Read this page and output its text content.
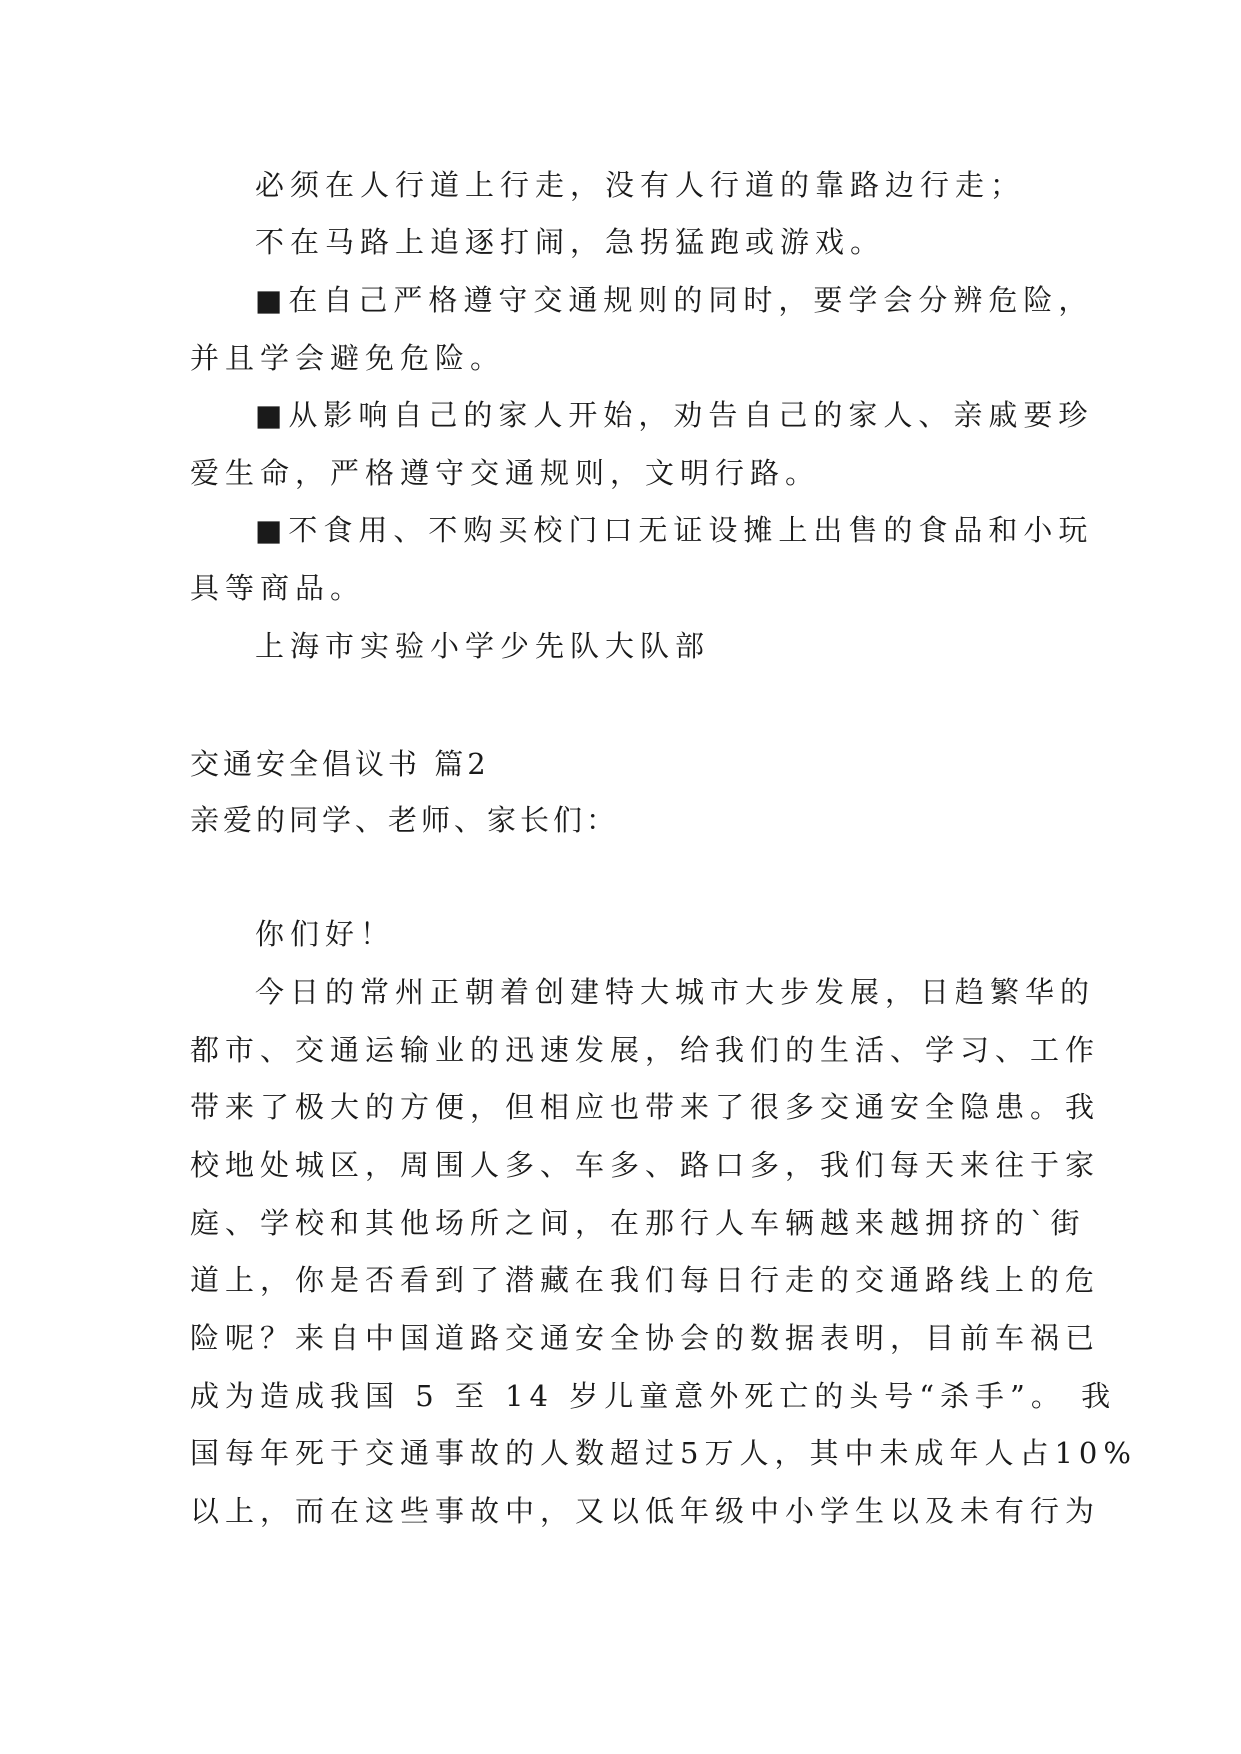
必须在人行道上行走，没有人行道的靠路边行走；
不在马路上追逐打闹，急拐猛跑或游戏。
■在自己严格遵守交通规则的同时，要学会分辨危险，
并且学会避免危险。
■从影响自己的家人开始，劝告自己的家人、亲戚要珍
爱生命，严格遵守交通规则，文明行路。
■不食用、不购买校门口无证设摊上出售的食品和小玩
具等商品。
上海市实验小学少先队大队部
交通安全倡议书 篇2
亲爱的同学、老师、家长们：
你们好！
今日的常州正朝着创建特大城市大步发展，日趋繁华的
都市、交通运输业的迅速发展，给我们的生活、学习、工作
带来了极大的方便，但相应也带来了很多交通安全隐患。我
校地处城区，周围人多、车多、路口多，我们每天来往于家
庭、学校和其他场所之间，在那行人车辆越来越拥挤的`街
道上，你是否看到了潜藏在我们每日行走的交通路线上的危
险呢？来自中国道路交通安全协会的数据表明，目前车祸已
成为造成我国 5 至 14 岁儿童意外死亡的头号“杀手”。 我
国每年死于交通事故的人数超过5万人，其中未成年人占10%
以上，而在这些事故中，又以低年级中小学生以及未有行为
